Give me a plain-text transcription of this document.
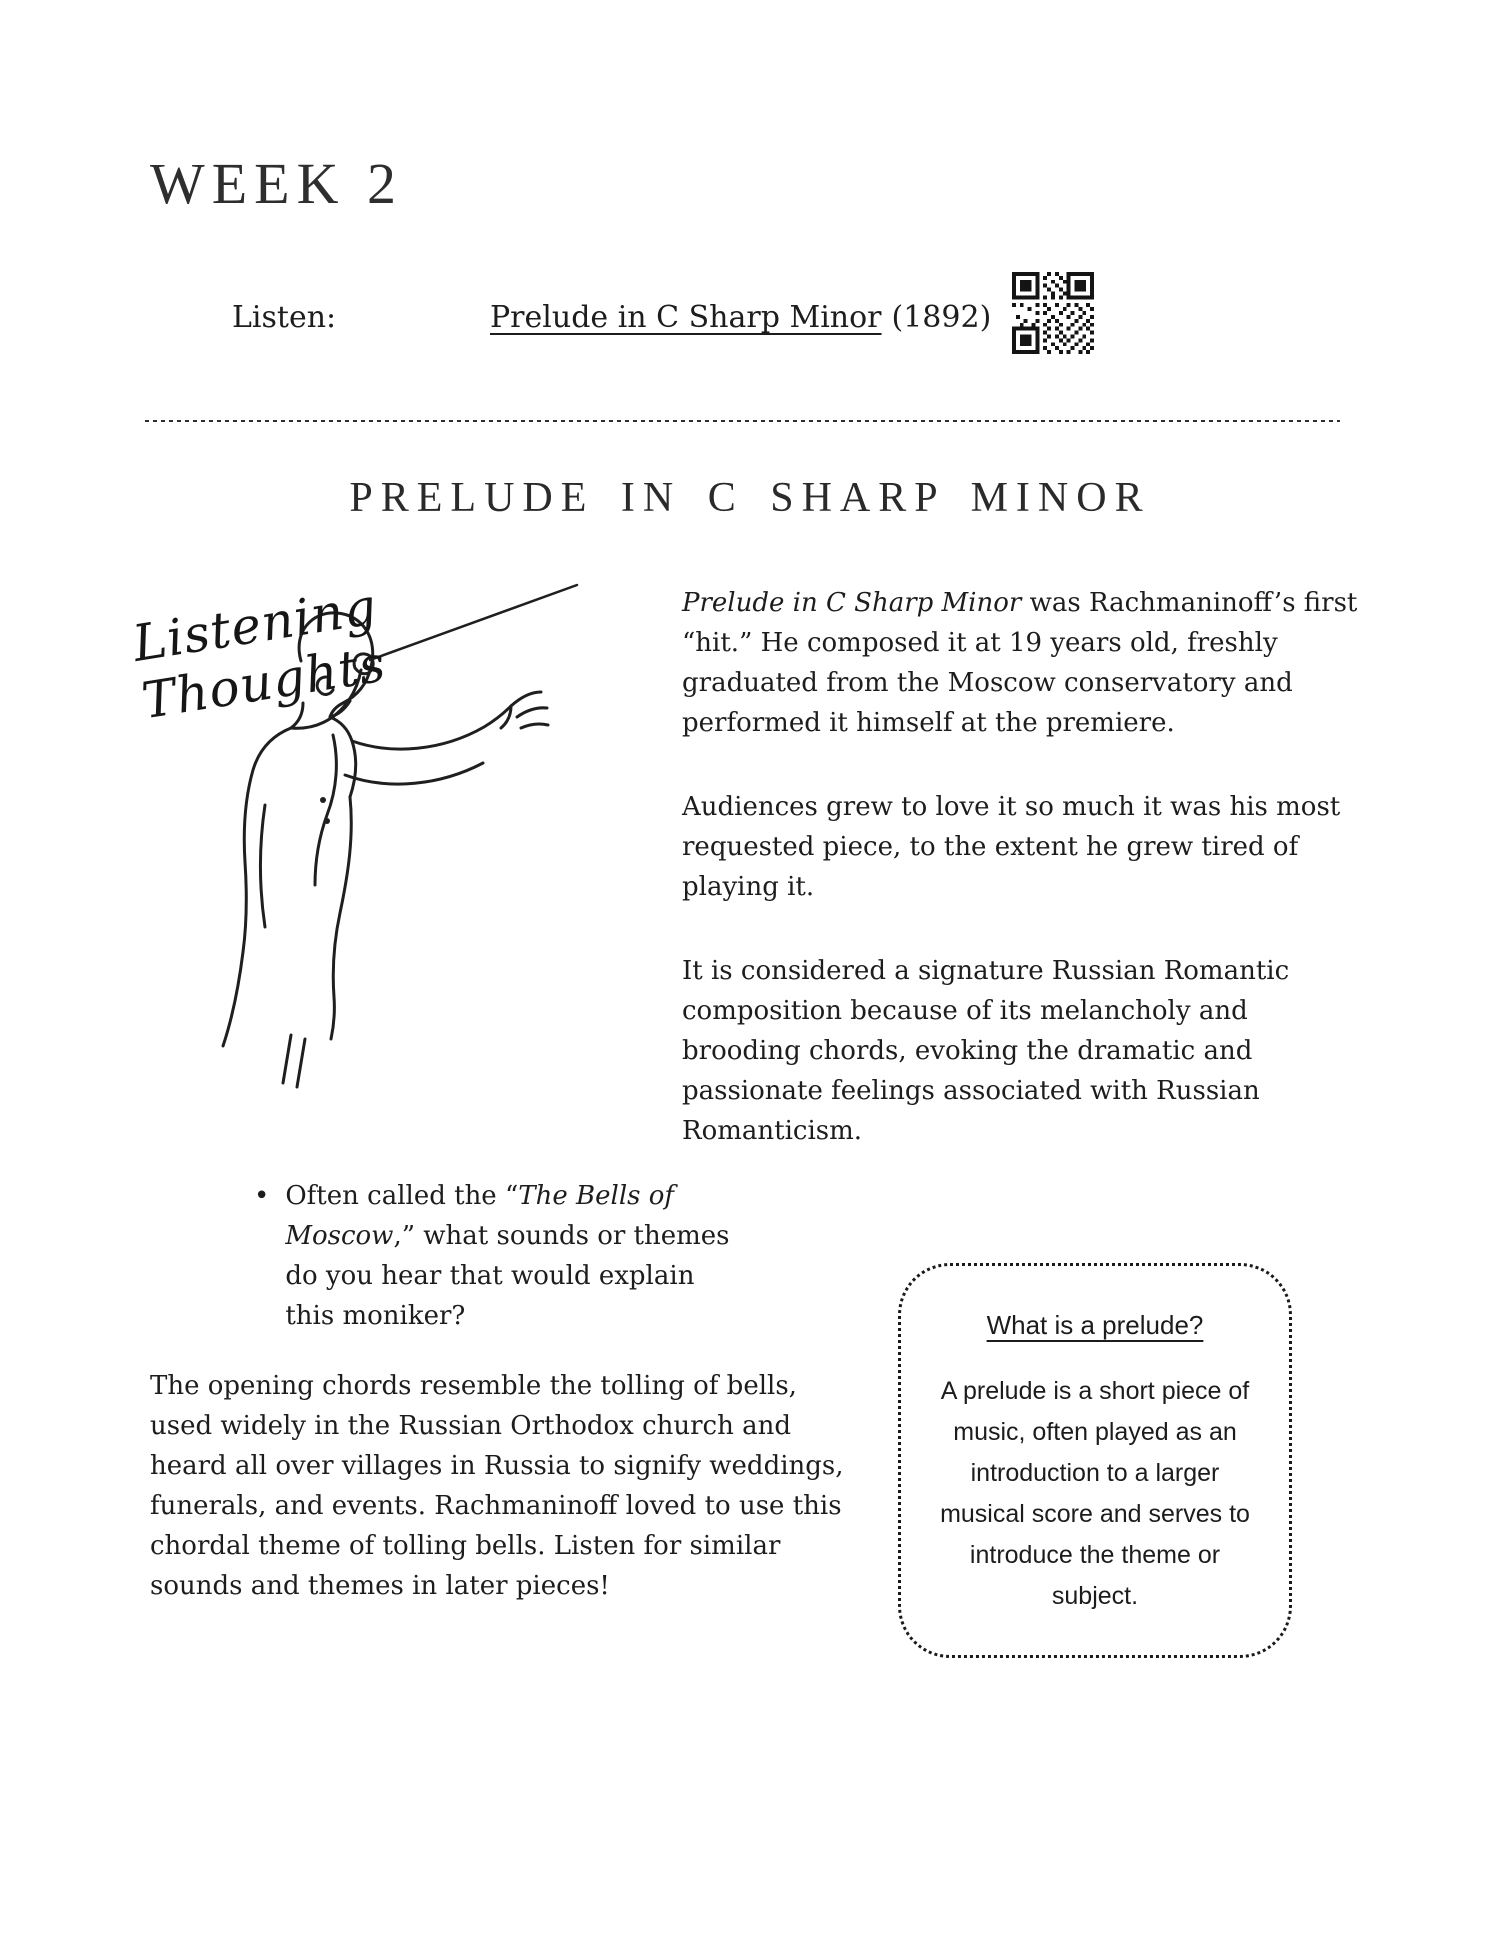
WEEK 2
Listen:	Prelude in C Sharp Minor (1892)
PRELUDE IN C SHARP MINOR
Listening Thoughts

Prelude in C Sharp Minor was Rachmaninoff’s first “hit.” He composed it at 19 years old, freshly graduated from the Moscow conservatory and performed it himself at the premiere.

Audiences grew to love it so much it was his most requested piece, to the extent he grew tired of playing it.

It is considered a signature Russian Romantic composition because of its melancholy and brooding chords, evoking the dramatic and passionate feelings associated with Russian Romanticism.

• Often called the “The Bells of Moscow,” what sounds or themes do you hear that would explain this moniker?
The opening chords resemble the tolling of bells, used widely in the Russian Orthodox church and heard all over villages in Russia to signify weddings, funerals, and events. Rachmaninoff loved to use this chordal theme of tolling bells. Listen for similar sounds and themes in later pieces!
What is a prelude?
A prelude is a short piece of music, often played as an introduction to a larger musical score and serves to introduce the theme or subject.
